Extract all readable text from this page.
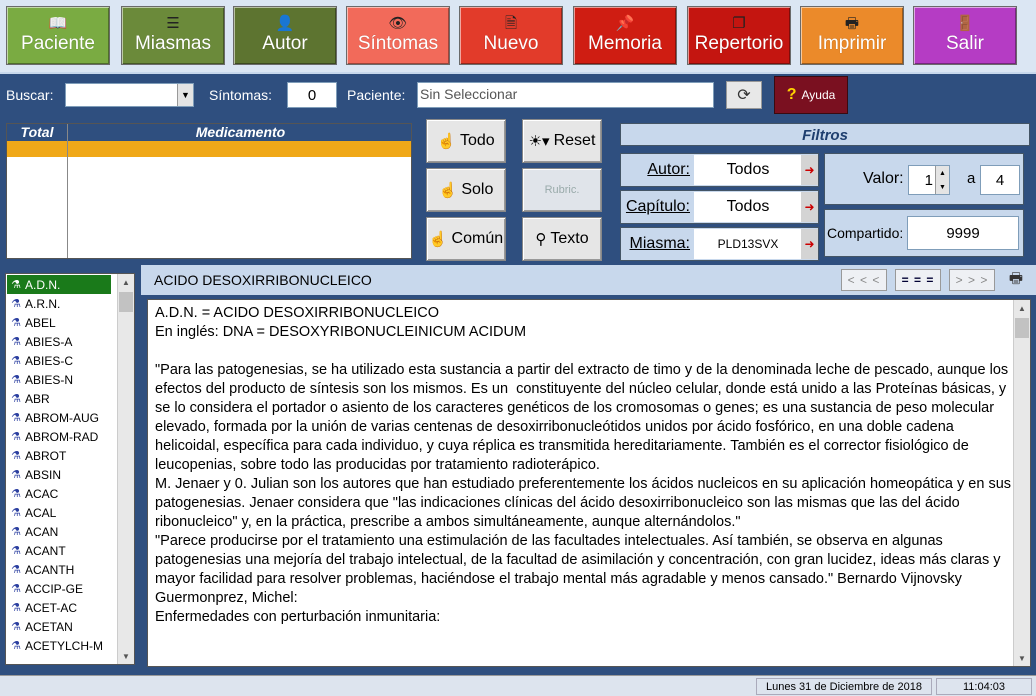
📖
Paciente
☰
Miasmas
👤
Autor
👁
Síntomas
🗎
Nuevo
📌
Memoria
❐
Repertorio
🖶
Imprimir
🚪
Salir
Buscar:	▼ Síntomas:	0	Paciente: Sin Seleccionar	⟳ ? Ayuda
Total	Medicamento
☝ Todo ☀▾ Reset
☝ Solo	Rubric.
☝ Común ⚲ Texto
Filtros
Autor:	Todos	➜
Capítulo:	Todos	➜
Miasma:	PLD13SVX	➜
Valor:	1 ▲
▼ a	4
Compartido:	9999
⚗ A.D.N.
⚗ A.R.N.
⚗ ABEL
⚗ ABIES-A
⚗ ABIES-C
⚗ ABIES-N
⚗ ABR
⚗ ABROM-AUG
⚗ ABROM-RAD
⚗ ABROT
⚗ ABSIN
⚗ ACAC
⚗ ACAL
⚗ ACAN
⚗ ACANT
⚗ ACANTH
⚗ ACCIP-GE
⚗ ACET-AC
⚗ ACETAN
⚗ ACETYLCH-M
▲
▼
ACIDO DESOXIRRIBONUCLEICO	< < <	= = =	> > >	🖶
A.D.N. = ACIDO DESOXIRRIBONUCLEICO
En inglés: DNA = DESOXYRIBONUCLEINICUM ACIDUM

"Para las patogenesias, se ha utilizado esta sustancia a partir del extracto de timo y de la denominada leche de pescado, aunque los efectos del producto de síntesis son los mismos. Es un  constituyente del núcleo celular, donde está unido a las Proteínas básicas, y se lo considera el portador o asiento de los caracteres genéticos de los cromosomas o genes; es una sustancia de peso molecular elevado, formada por la unión de varias centenas de desoxirribonucleótidos unidos por ácido fosfórico, en una doble cadena helicoidal, específica para cada individuo, y cuya réplica es transmitida hereditariamente. También es el corrector fisiológico de leucopenias, sobre todo las producidas por tratamiento radioterápico.
M. Jenaer y 0. Julian son los autores que han estudiado preferentemente los ácidos nucleicos en su aplicación homeopática y en sus patogenesias. Jenaer considera que "las indicaciones clínicas del ácido desoxirribonucleico son las mismas que las del ácido ribonucleico" y, en la práctica, prescribe a ambos simultáneamente, aunque alternándolos."
"Parece producirse por el tratamiento una estimulación de las facultades intelectuales. Así también, se observa en algunas patogenesias una mejoría del trabajo intelectual, de la facultad de asimilación y concentración, con gran lucidez, ideas más claras y mayor facilidad para resolver problemas, haciéndose el trabajo mental más agradable y menos cansado." Bernardo Vijnovsky
Guermonprez, Michel:
Enfermedades con perturbación inmunitaria:
▲
▼
Lunes 31 de Diciembre de 2018	11:04:03
